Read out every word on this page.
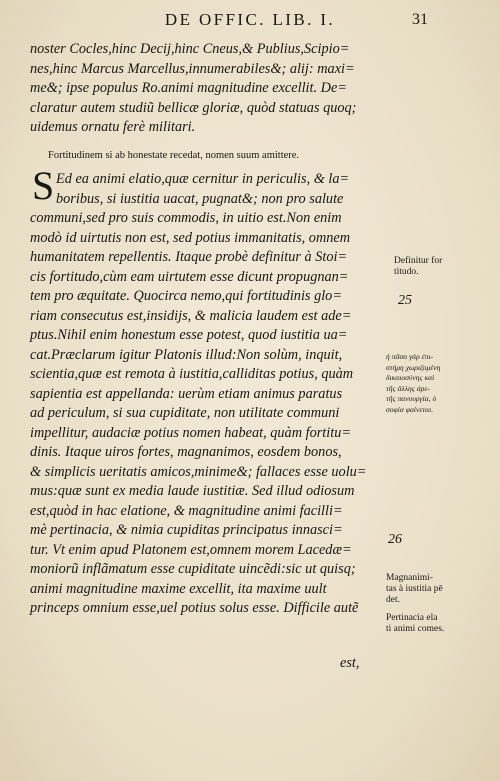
DE OFFIC. LIB. I.	31
noster Cocles,hinc Decij,hinc Cneus,& Publius,Scipio=
nes,hinc Marcus Marcellus,innumerabiles&; alij: maxi=
me&; ipse populus Ro.animi magnitudine excellit. De=
claratur autem studiũ bellicæ gloriæ, quòd statuas quoq;
uidemus ornatu ferè militari.
Fortitudinem si ab honestate recedat, nomen suum amittere.
S Ed ea animi elatio,quæ cernitur in periculis, & la=
boribus, si iustitia uacat, pugnat&; non pro salute
communi,sed pro suis commodis, in uitio est.Non enim
modò id uirtutis non est, sed potius immanitatis, omnem
humanitatem repellentis. Itaque probè definitur à Stoi=
cis fortitudo,cùm eam uirtutem esse dicunt propugnan=
tem pro æquitate. Quocirca nemo,qui fortitudinis glo=
riam consecutus est,insidijs, & malicia laudem est ade=
ptus.Nihil enim honestum esse potest, quod iustitia ua=
cat.Præclarum igitur Platonis illud:Non solùm, inquit,
scientia,quæ est remota à iustitia,calliditas potius, quàm
sapientia est appellanda: uerùm etiam animus paratus
ad periculum, si sua cupiditate, non utilitate communi
impellitur, audaciæ potius nomen habeat, quàm fortitu=
dinis. Itaque uiros fortes, magnanimos, eosdem bonos,
& simplicis ueritatis amicos,minime&; fallaces esse uolu=
mus:quæ sunt ex media laude iustitiæ. Sed illud odiosum
est,quòd in hac elatione, & magnitudine animi facilli=
mè pertinacia, & nimia cupiditas principatus innasci=
tur. Vt enim apud Platonem est,omnem morem Lacedæ=
moniorũ inflãmatum esse cupiditate uincẽdi:sic ut quisq;
animi magnitudine maxime excellit, ita maxime uult
princeps omnium esse,uel potius solus esse. Difficile autẽ
est,
Definitur for
titudo.
25
ἡ πᾶσα γάρ ἐπι-
στήμη χωριζομένη
δικαιοσύνης καὶ
τῆς ἄλλης ἀρε-
τῆς πανουργία, ὁ
σοφία φαίνεται.
26
Magnanimi-
tas à iustitia pē
det.
Pertinacia ela
ti animi comes.
